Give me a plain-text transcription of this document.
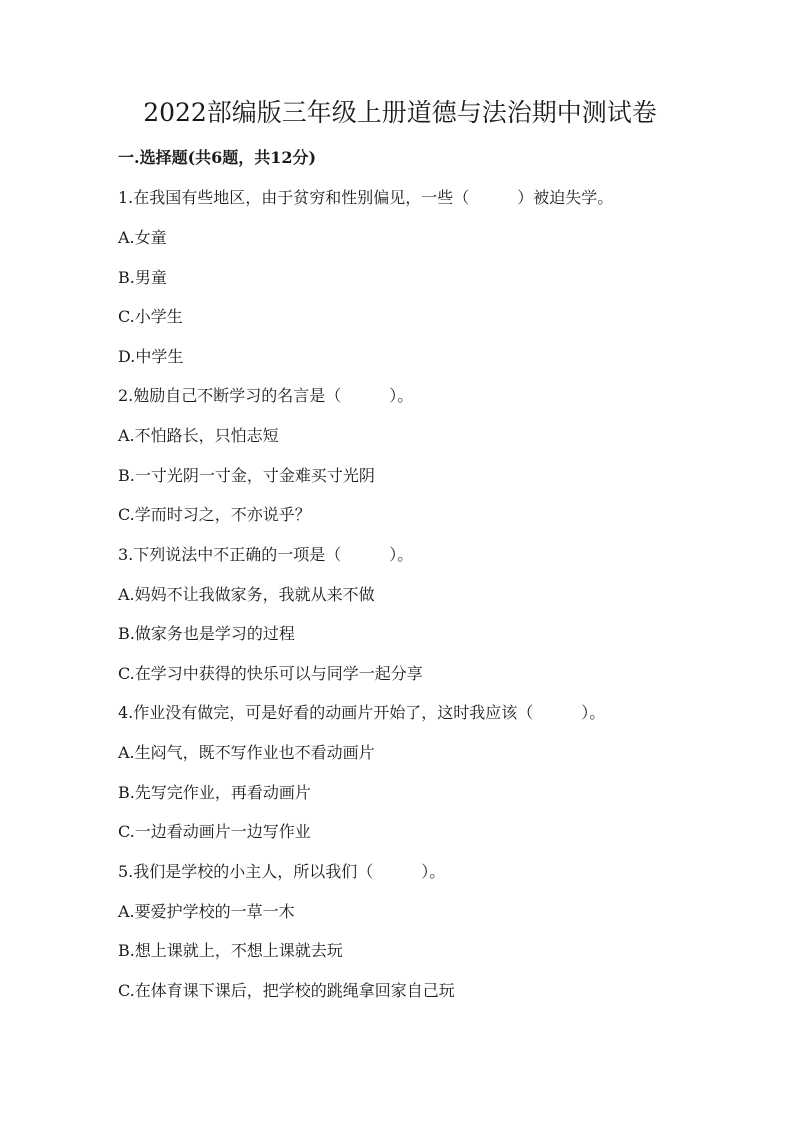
2022部编版三年级上册道德与法治期中测试卷
一.选择题(共6题，共12分)

1.在我国有些地区，由于贫穷和性别偏见，一些（　　　）被迫失学。

A.女童

B.男童

C.小学生

D.中学生

2.勉励自己不断学习的名言是（　　　）。

A.不怕路长，只怕志短

B.一寸光阴一寸金，寸金难买寸光阴

C.学而时习之，不亦说乎？

3.下列说法中不正确的一项是（　　　）。

A.妈妈不让我做家务，我就从来不做

B.做家务也是学习的过程

C.在学习中获得的快乐可以与同学一起分享

4.作业没有做完，可是好看的动画片开始了，这时我应该（　　　）。

A.生闷气，既不写作业也不看动画片

B.先写完作业，再看动画片

C.一边看动画片一边写作业

5.我们是学校的小主人，所以我们（　　　）。

A.要爱护学校的一草一木

B.想上课就上，不想上课就去玩

C.在体育课下课后，把学校的跳绳拿回家自己玩
